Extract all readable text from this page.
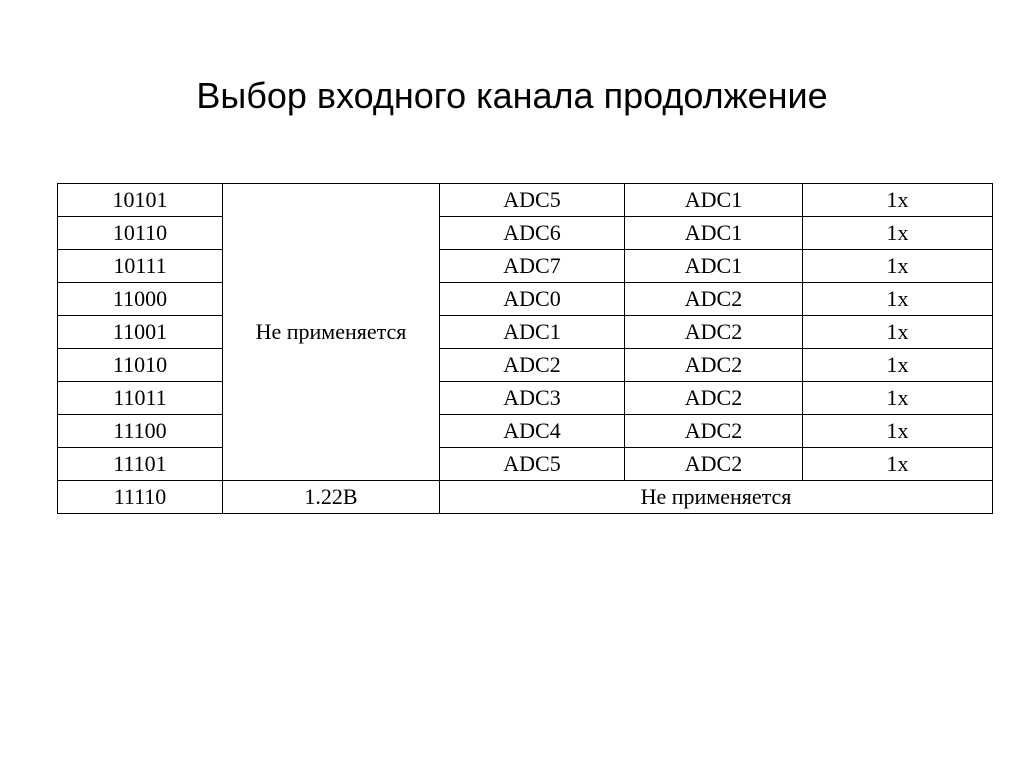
Выбор входного канала продолжение
10101	Не применяется	ADC5	ADC1	1x
10110		ADC6	ADC1	1x
10111		ADC7	ADC1	1x
11000		ADC0	ADC2	1x
11001		ADC1	ADC2	1x
11010		ADC2	ADC2	1x
11011		ADC3	ADC2	1x
11100		ADC4	ADC2	1x
11101		ADC5	ADC2	1x
11110	1.22В	Не применяется		
